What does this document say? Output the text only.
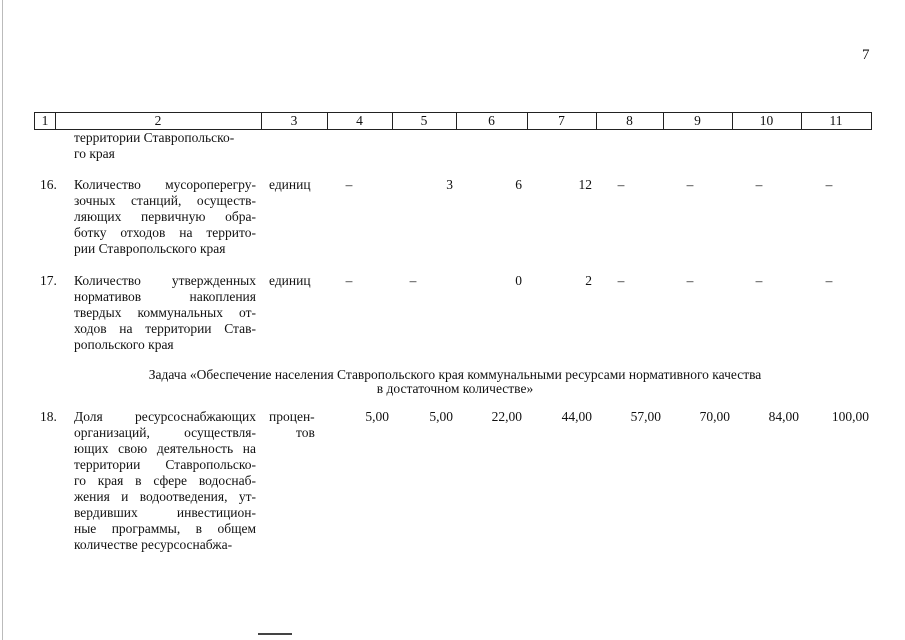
7
1	2	3	4	5	6	7	8	9	10	11
территории Ставропольско-
го края
Задача «Обеспечение населения Ставропольского края коммунальными ресурсами нормативного качества
в достаточном количестве»
16. Количество мусороперегру-
зочных станций, осуществ-
ляющих первичную обра-
ботку отходов на террито-
рии Ставропольского края
единиц	–	3	6	12	–	–	–	–
17. Количество утвержденных
нормативов накопления
твердых коммунальных от-
ходов на территории Став-
ропольского края
единиц	–	–	0	2	–	–	–	–
18. Доля ресурсоснабжающих
организаций, осуществля-
ющих свою деятельность на
территории Ставропольско-
го края в сфере водоснаб-
жения и водоотведения, ут-
вердивших инвестицион-
ные программы, в общем
количестве ресурсоснабжа-
процен-
тов
5,00	5,00	22,00	44,00	57,00	70,00	84,00	100,00
